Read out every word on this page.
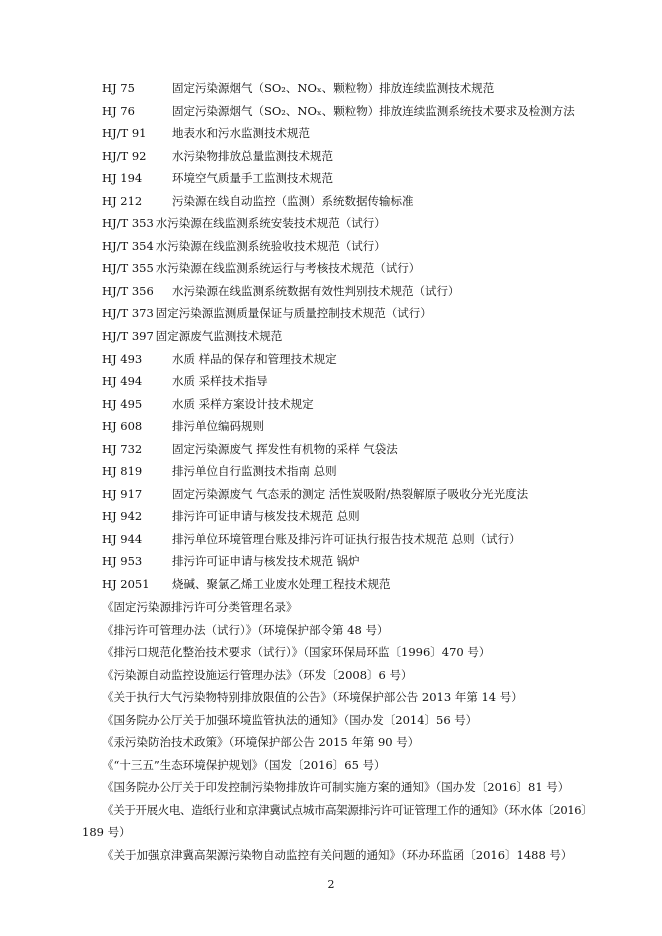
HJ 75	固定污染源烟气（SO₂、NOₓ、颗粒物）排放连续监测技术规范
HJ 76	固定污染源烟气（SO₂、NOₓ、颗粒物）排放连续监测系统技术要求及检测方法
HJ/T 91 地表水和污水监测技术规范
HJ/T 92 水污染物排放总量监测技术规范
HJ 194	环境空气质量手工监测技术规范
HJ 212	污染源在线自动监控（监测）系统数据传输标准
HJ/T 353 水污染源在线监测系统安装技术规范（试行）
HJ/T 354 水污染源在线监测系统验收技术规范（试行）
HJ/T 355 水污染源在线监测系统运行与考核技术规范（试行）
HJ/T 356 水污染源在线监测系统数据有效性判别技术规范（试行）
HJ/T 373 固定污染源监测质量保证与质量控制技术规范（试行）
HJ/T 397 固定源废气监测技术规范
HJ 493	水质 样品的保存和管理技术规定
HJ 494	水质 采样技术指导
HJ 495	水质 采样方案设计技术规定
HJ 608	排污单位编码规则
HJ 732	固定污染源废气 挥发性有机物的采样 气袋法
HJ 819	排污单位自行监测技术指南 总则
HJ 917	固定污染源废气 气态汞的测定 活性炭吸附/热裂解原子吸收分光光度法
HJ 942	排污许可证申请与核发技术规范 总则
HJ 944	排污单位环境管理台账及排污许可证执行报告技术规范 总则（试行）
HJ 953	排污许可证申请与核发技术规范 锅炉
HJ 2051 烧碱、聚氯乙烯工业废水处理工程技术规范
《固定污染源排污许可分类管理名录》
《排污许可管理办法（试行）》（环境保护部令第 48 号）
《排污口规范化整治技术要求（试行）》（国家环保局环监〔1996〕470 号）
《污染源自动监控设施运行管理办法》（环发〔2008〕6 号）
《关于执行大气污染物特别排放限值的公告》（环境保护部公告 2013 年第 14 号）
《国务院办公厅关于加强环境监管执法的通知》（国办发〔2014〕56 号）
《汞污染防治技术政策》（环境保护部公告 2015 年第 90 号）
《“十三五”生态环境保护规划》（国发〔2016〕65 号）
《国务院办公厅关于印发控制污染物排放许可制实施方案的通知》（国办发〔2016〕81 号）
《关于开展火电、造纸行业和京津冀试点城市高架源排污许可证管理工作的通知》（环水体〔2016〕
189 号）
《关于加强京津冀高架源污染物自动监控有关问题的通知》（环办环监函〔2016〕1488 号）
2
